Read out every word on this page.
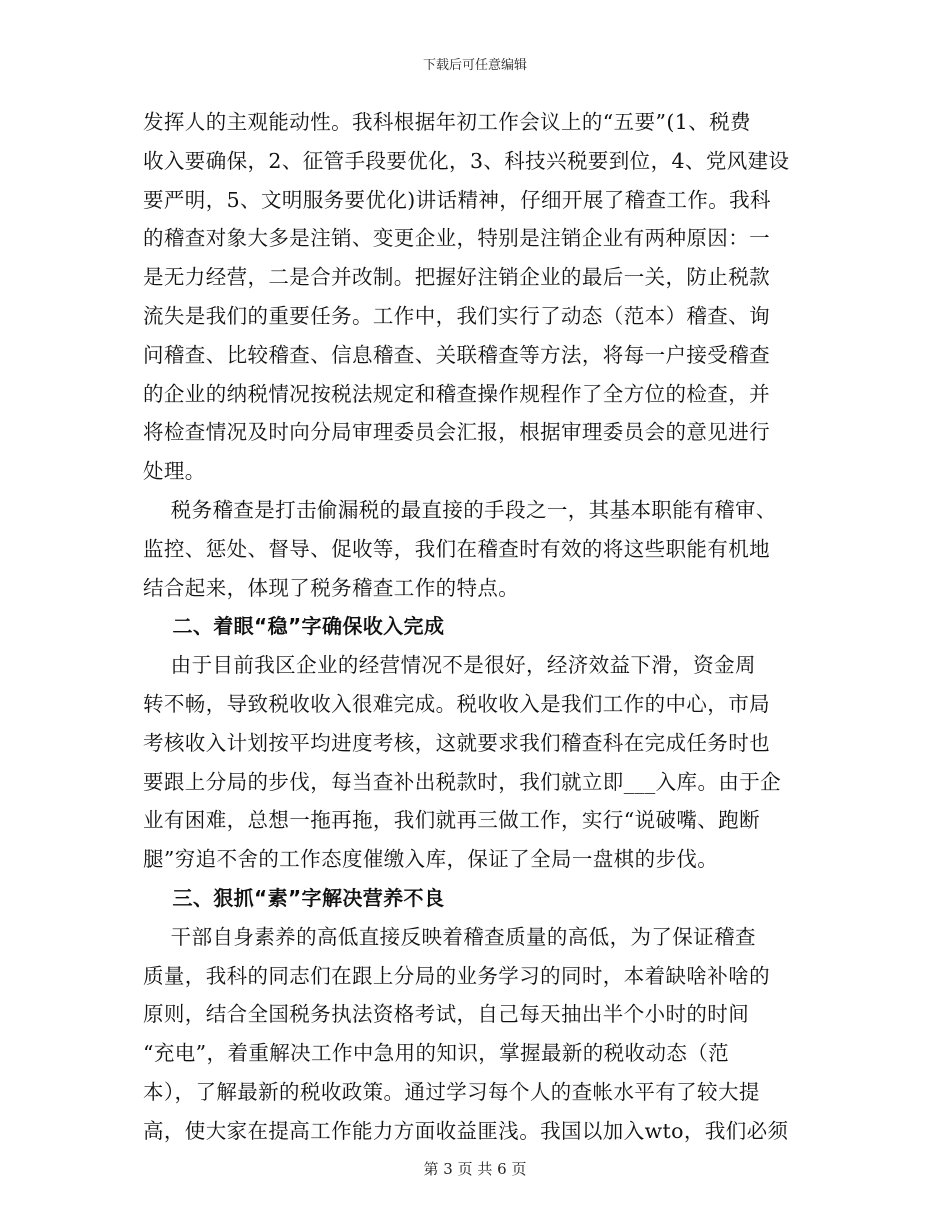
下载后可任意编辑
发挥人的主观能动性。我科根据年初工作会议上的“五要”(1、税费
收入要确保，2、征管手段要优化，3、科技兴税要到位，4、党风建设
要严明，5、文明服务要优化)讲话精神，仔细开展了稽查工作。我科
的稽查对象大多是注销、变更企业，特别是注销企业有两种原因：一
是无力经营，二是合并改制。把握好注销企业的最后一关，防止税款
流失是我们的重要任务。工作中，我们实行了动态（范本）稽查、询
问稽查、比较稽查、信息稽查、关联稽查等方法，将每一户接受稽查
的企业的纳税情况按税法规定和稽查操作规程作了全方位的检查，并
将检查情况及时向分局审理委员会汇报，根据审理委员会的意见进行
处理。
税务稽查是打击偷漏税的最直接的手段之一，其基本职能有稽审、
监控、惩处、督导、促收等，我们在稽查时有效的将这些职能有机地
结合起来，体现了税务稽查工作的特点。
二、着眼“稳”字确保收入完成
由于目前我区企业的经营情况不是很好，经济效益下滑，资金周
转不畅，导致税收收入很难完成。税收收入是我们工作的中心，市局
考核收入计划按平均进度考核，这就要求我们稽查科在完成任务时也
要跟上分局的步伐，每当查补出税款时，我们就立即___入库。由于企
业有困难，总想一拖再拖，我们就再三做工作，实行“说破嘴、跑断
腿”穷追不舍的工作态度催缴入库，保证了全局一盘棋的步伐。
三、狠抓“素”字解决营养不良
干部自身素养的高低直接反映着稽查质量的高低，为了保证稽查
质量，我科的同志们在跟上分局的业务学习的同时，本着缺啥补啥的
原则，结合全国税务执法资格考试，自己每天抽出半个小时的时间
“充电”，着重解决工作中急用的知识，掌握最新的税收动态（范
本），了解最新的税收政策。通过学习每个人的查帐水平有了较大提
高，使大家在提高工作能力方面收益匪浅。我国以加入wto，我们必须
第 3 页 共 6 页
